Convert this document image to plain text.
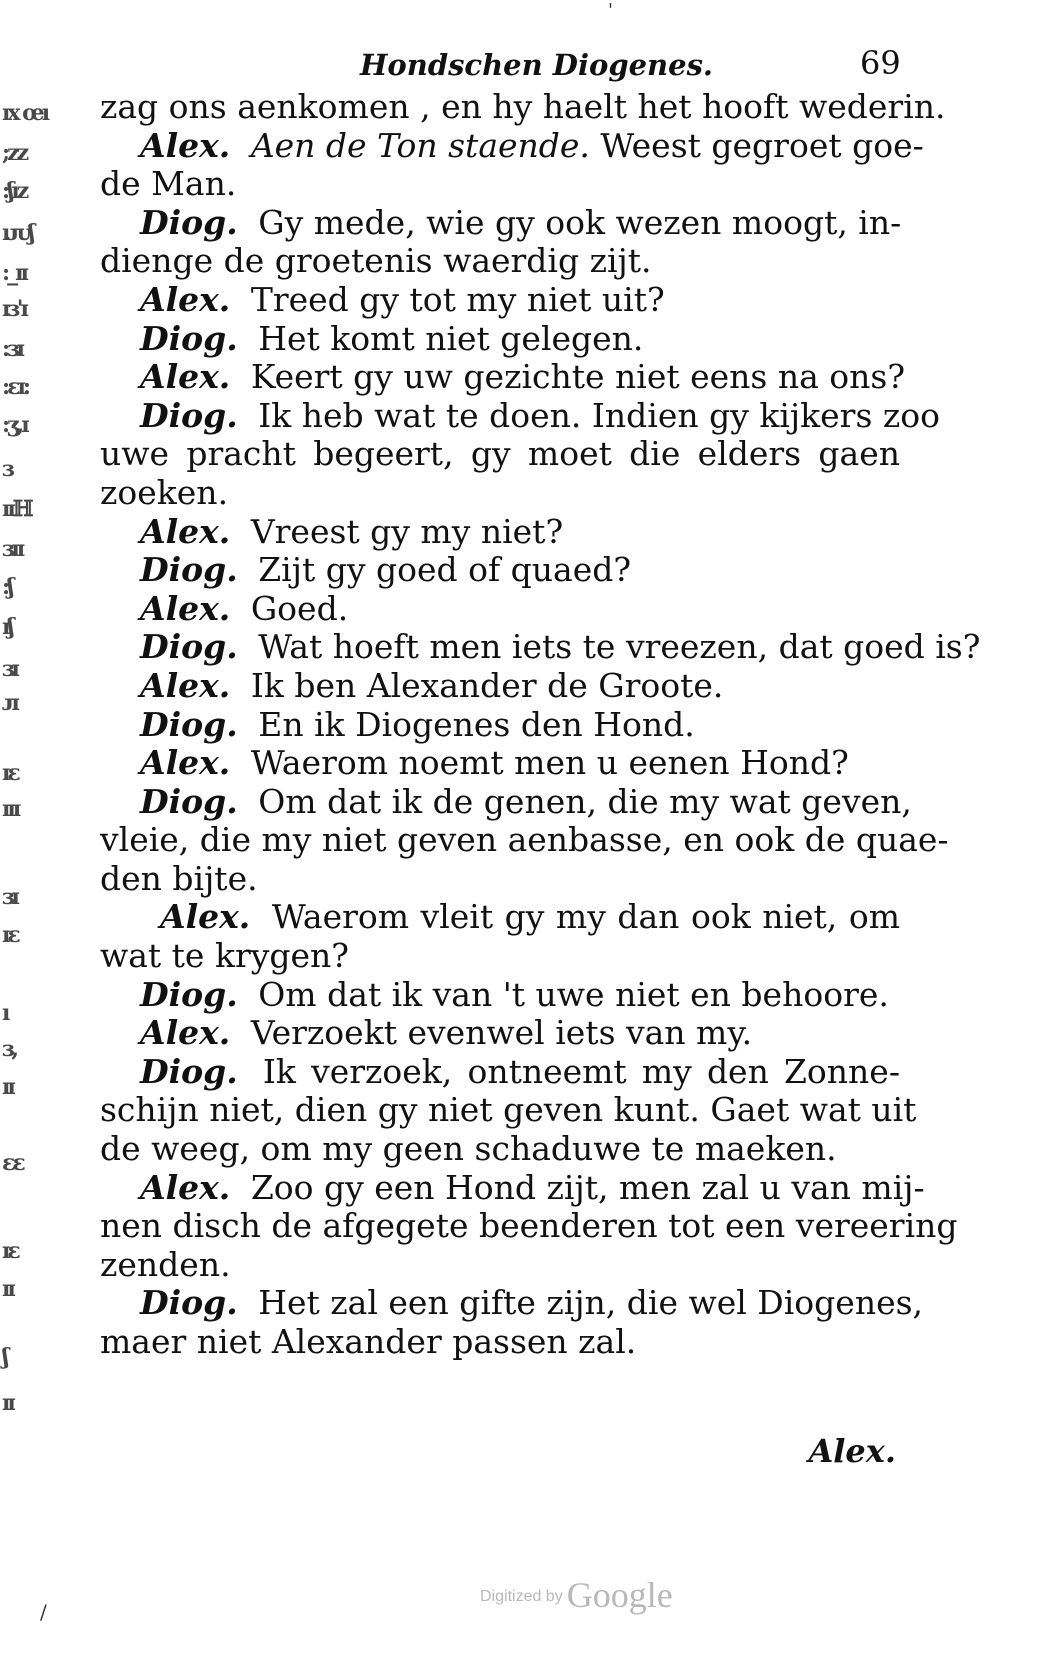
'
ıx œı
;ᴢz
:ʃız
ıᴊᴜʃ
:_ɪɪ
ɪɜ'ɪ
:ɜɪ
:ɛɪ:
:ʒ,ɪ
ɜ
ɪɪℍ
ɜɪɪ
:ʃ
ɪʃ
ɜɪ
ᴊɪ
ɪɛ
ɪɪɪ
ɜɪ
ɪɛ
ı
ɜ,
ɪɪ
ɛɛ
ɪɛ
ɪɪ
ʃ
ɪɪ
Hondschen Diogenes.	69
zag ons aenkomen , en hy haelt het hooft wederin.
Alex. Aen de Ton staende. Weest gegroet goe-
de Man.
Diog. Gy mede, wie gy ook wezen moogt, in-
dienge de groetenis waerdig zijt.
Alex. Treed gy tot my niet uit?
Diog. Het komt niet gelegen.
Alex. Keert gy uw gezichte niet eens na ons?
Diog. Ik heb wat te doen. Indien gy kijkers zoo
uwe pracht begeert, gy moet die elders gaen
zoeken.
Alex. Vreest gy my niet?
Diog. Zijt gy goed of quaed?
Alex. Goed.
Diog. Wat hoeft men iets te vreezen, dat goed is?
Alex. Ik ben Alexander de Groote.
Diog. En ik Diogenes den Hond.
Alex. Waerom noemt men u eenen Hond?
Diog. Om dat ik de genen, die my wat geven,
vleie, die my niet geven aenbasse, en ook de quae-
den bijte.
Alex. Waerom vleit gy my dan ook niet, om
wat te krygen?
Diog. Om dat ik van 't uwe niet en behoore.
Alex. Verzoekt evenwel iets van my.
Diog. Ik verzoek, ontneemt my den Zonne-
schijn niet, dien gy niet geven kunt. Gaet wat uit
de weeg, om my geen schaduwe te maeken.
Alex. Zoo gy een Hond zijt, men zal u van mij-
nen disch de afgegete beenderen tot een vereering
zenden.
Diog. Het zal een gifte zijn, die wel Diogenes,
maer niet Alexander passen zal.
Alex.
Digitized by Google
/
